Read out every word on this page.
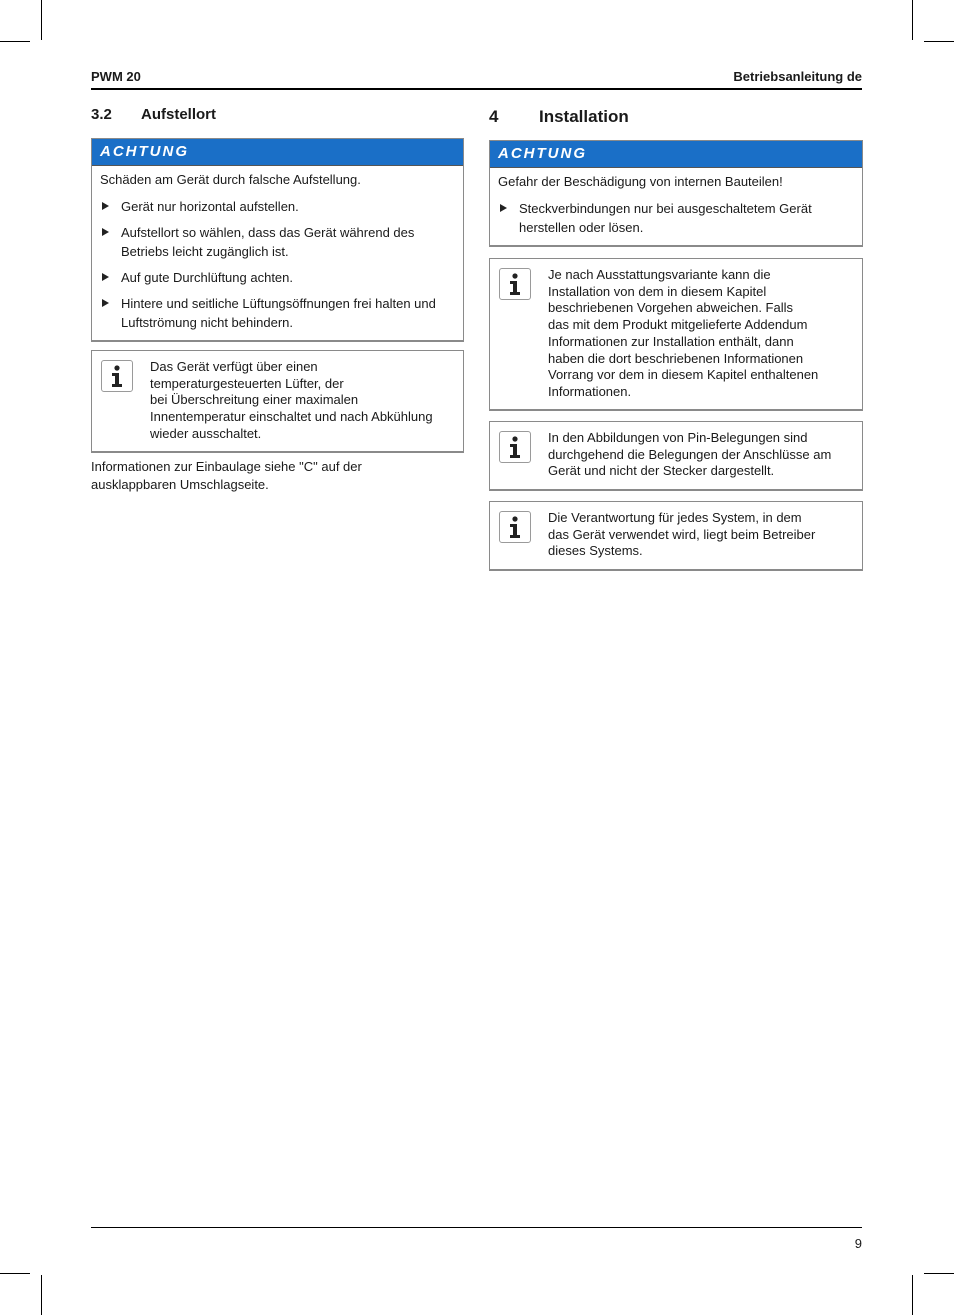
PWM 20	Betriebsanleitung de
3.2 Aufstellort
ACHTUNG

Schäden am Gerät durch falsche Aufstellung.

Gerät nur horizontal aufstellen.
Aufstellort so wählen, dass das Gerät während des Betriebs leicht zugänglich ist.
Auf gute Durchlüftung achten.
Hintere und seitliche Lüftungsöffnungen frei halten und Luftströmung nicht behindern.
Das Gerät verfügt über einen
temperaturgesteuerten Lüfter, der
bei Überschreitung einer maximalen
Innentemperatur einschaltet und nach Abkühlung
wieder ausschaltet.
Informationen zur Einbaulage siehe "C" auf der
ausklappbaren Umschlagseite.
4 Installation
ACHTUNG

Gefahr der Beschädigung von internen Bauteilen!

Steckverbindungen nur bei ausgeschaltetem Gerät herstellen oder lösen.
Je nach Ausstattungsvariante kann die
Installation von dem in diesem Kapitel
beschriebenen Vorgehen abweichen. Falls
das mit dem Produkt mitgelieferte Addendum
Informationen zur Installation enthält, dann
haben die dort beschriebenen Informationen
Vorrang vor dem in diesem Kapitel enthaltenen
Informationen.
In den Abbildungen von Pin-Belegungen sind
durchgehend die Belegungen der Anschlüsse am
Gerät und nicht der Stecker dargestellt.
Die Verantwortung für jedes System, in dem
das Gerät verwendet wird, liegt beim Betreiber
dieses Systems.
9
